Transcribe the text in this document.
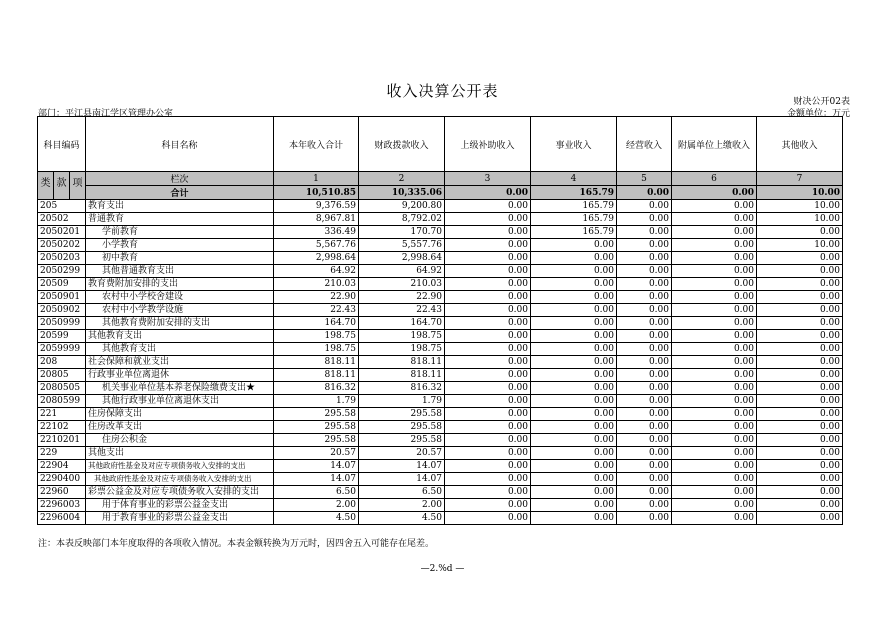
收入决算公开表
财决公开02表
部门：平江县南江学区管理办公室	金额单位：万元
科目编码	科目名称	本年收入合计	财政拨款收入	上级补助收入	事业收入	经营收入	附属单位上缴收入	其他收入

类 款 项	栏次	1	2	3	4	5	6	7
	合计	10,510.85	10,335.06	0.00	165.79	0.00	0.00	10.00
205	教育支出	9,376.59	9,200.80	0.00	165.79	0.00	0.00	10.00
20502	普通教育	8,967.81	8,792.02	0.00	165.79	0.00	0.00	10.00
2050201	学前教育	336.49	170.70	0.00	165.79	0.00	0.00	0.00
2050202	小学教育	5,567.76	5,557.76	0.00	0.00	0.00	0.00	10.00
2050203	初中教育	2,998.64	2,998.64	0.00	0.00	0.00	0.00	0.00
2050299	其他普通教育支出	64.92	64.92	0.00	0.00	0.00	0.00	0.00
20509	教育费附加安排的支出	210.03	210.03	0.00	0.00	0.00	0.00	0.00
2050901	农村中小学校舍建设	22.90	22.90	0.00	0.00	0.00	0.00	0.00
2050902	农村中小学教学设施	22.43	22.43	0.00	0.00	0.00	0.00	0.00
2050999	其他教育费附加安排的支出	164.70	164.70	0.00	0.00	0.00	0.00	0.00
20599	其他教育支出	198.75	198.75	0.00	0.00	0.00	0.00	0.00
2059999	其他教育支出	198.75	198.75	0.00	0.00	0.00	0.00	0.00
208	社会保障和就业支出	818.11	818.11	0.00	0.00	0.00	0.00	0.00
20805	行政事业单位离退休	818.11	818.11	0.00	0.00	0.00	0.00	0.00
2080505	机关事业单位基本养老保险缴费支出★	816.32	816.32	0.00	0.00	0.00	0.00	0.00
2080599	其他行政事业单位离退休支出	1.79	1.79	0.00	0.00	0.00	0.00	0.00
221	住房保障支出	295.58	295.58	0.00	0.00	0.00	0.00	0.00
22102	住房改革支出	295.58	295.58	0.00	0.00	0.00	0.00	0.00
2210201	住房公积金	295.58	295.58	0.00	0.00	0.00	0.00	0.00
229	其他支出	20.57	20.57	0.00	0.00	0.00	0.00	0.00
22904	其他政府性基金及对应专项债务收入安排的支出	14.07	14.07	0.00	0.00	0.00	0.00	0.00
2290400	其他政府性基金及对应专项债务收入安排的支出	14.07	14.07	0.00	0.00	0.00	0.00	0.00
22960	彩票公益金及对应专项债务收入安排的支出	6.50	6.50	0.00	0.00	0.00	0.00	0.00
2296003	用于体育事业的彩票公益金支出	2.00	2.00	0.00	0.00	0.00	0.00	0.00
2296004	用于教育事业的彩票公益金支出	4.50	4.50	0.00	0.00	0.00	0.00	0.00
注：本表反映部门本年度取得的各项收入情况。本表金额转换为万元时，因四舍五入可能存在尾差。
—2.%d —
